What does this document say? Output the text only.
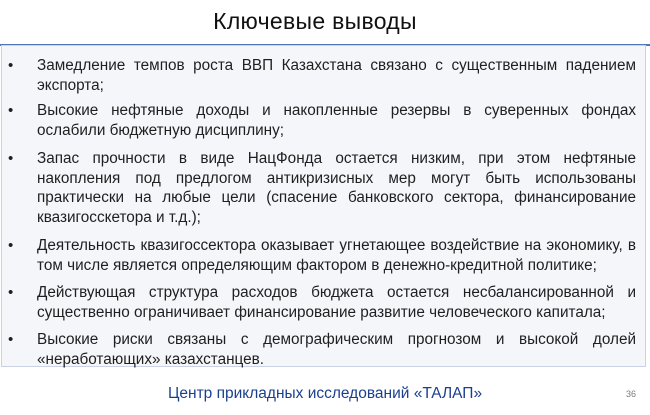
Ключевые выводы
• Замедление темпов роста ВВП Казахстана связано с существенным падением экспорта;
• Высокие нефтяные доходы и накопленные резервы в суверенных фондах ослабили бюджетную дисциплину;
• Запас прочности в виде НацФонда остается низким, при этом нефтяные накопления под предлогом антикризисных мер могут быть использованы практически на любые цели (спасение банковского сектора, финансирование квазигосскетора и т.д.);
• Деятельность квазигоссектора оказывает угнетающее воздействие на экономику, в том числе является определяющим фактором в денежно-кредитной политике;
• Действующая структура расходов бюджета остается несбалансированной и существенно ограничивает финансирование развитие человеческого капитала;
• Высокие риски связаны с демографическим прогнозом и высокой долей «неработающих» казахстанцев.
Центр прикладных исследований «ТАЛАП»	36
